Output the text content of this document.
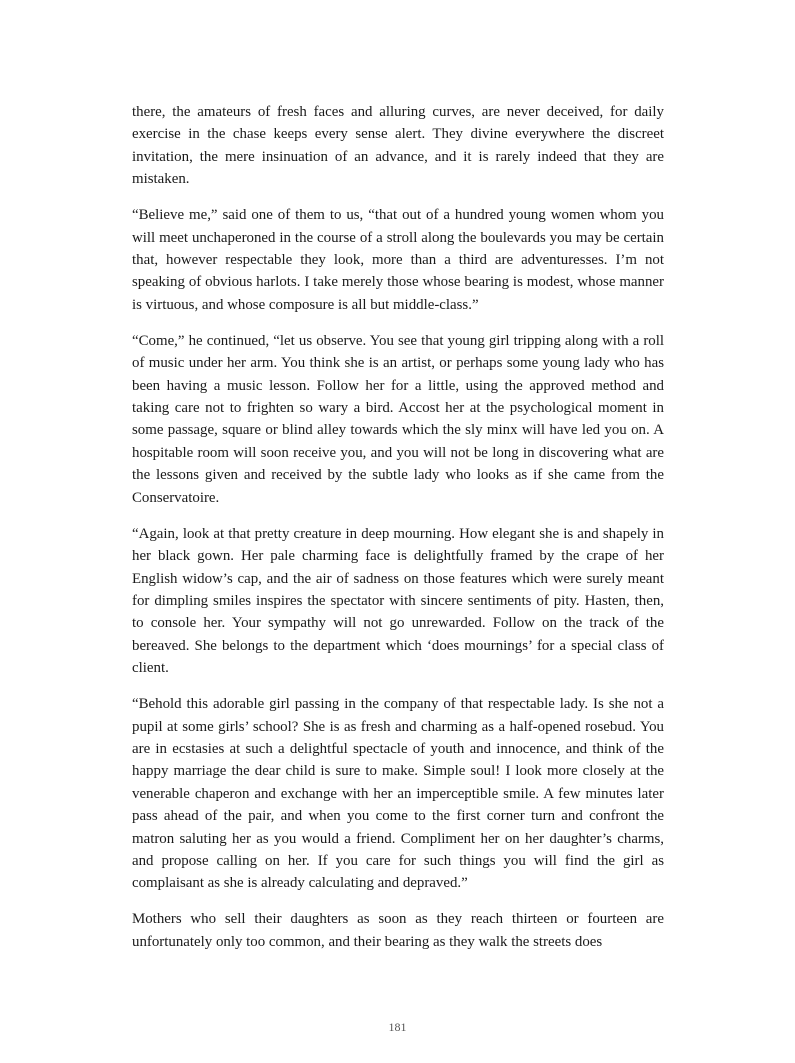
there, the amateurs of fresh faces and alluring curves, are never deceived, for daily exercise in the chase keeps every sense alert. They divine everywhere the discreet invitation, the mere insinuation of an advance, and it is rarely indeed that they are mistaken.

“Believe me,” said one of them to us, “that out of a hundred young women whom you will meet unchaperoned in the course of a stroll along the boulevards you may be certain that, however respectable they look, more than a third are adventuresses. I’m not speaking of obvious harlots. I take merely those whose bearing is modest, whose manner is virtuous, and whose composure is all but middle-class.”

“Come,” he continued, “let us observe. You see that young girl tripping along with a roll of music under her arm. You think she is an artist, or perhaps some young lady who has been having a music lesson. Follow her for a little, using the approved method and taking care not to frighten so wary a bird. Accost her at the psychological moment in some passage, square or blind alley towards which the sly minx will have led you on. A hospitable room will soon receive you, and you will not be long in discovering what are the lessons given and received by the subtle lady who looks as if she came from the Conservatoire.

“Again, look at that pretty creature in deep mourning. How elegant she is and shapely in her black gown. Her pale charming face is delightfully framed by the crape of her English widow’s cap, and the air of sadness on those features which were surely meant for dimpling smiles inspires the spectator with sincere sentiments of pity. Hasten, then, to console her. Your sympathy will not go unrewarded. Follow on the track of the bereaved. She belongs to the department which ‘does mournings’ for a special class of client.

“Behold this adorable girl passing in the company of that respectable lady. Is she not a pupil at some girls’ school? She is as fresh and charming as a half-opened rosebud. You are in ecstasies at such a delightful spectacle of youth and innocence, and think of the happy marriage the dear child is sure to make. Simple soul! I look more closely at the venerable chaperon and exchange with her an imperceptible smile. A few minutes later pass ahead of the pair, and when you come to the first corner turn and confront the matron saluting her as you would a friend. Compliment her on her daughter’s charms, and propose calling on her. If you care for such things you will find the girl as complaisant as she is already calculating and depraved.”

Mothers who sell their daughters as soon as they reach thirteen or fourteen are unfortunately only too common, and their bearing as they walk the streets does

181
